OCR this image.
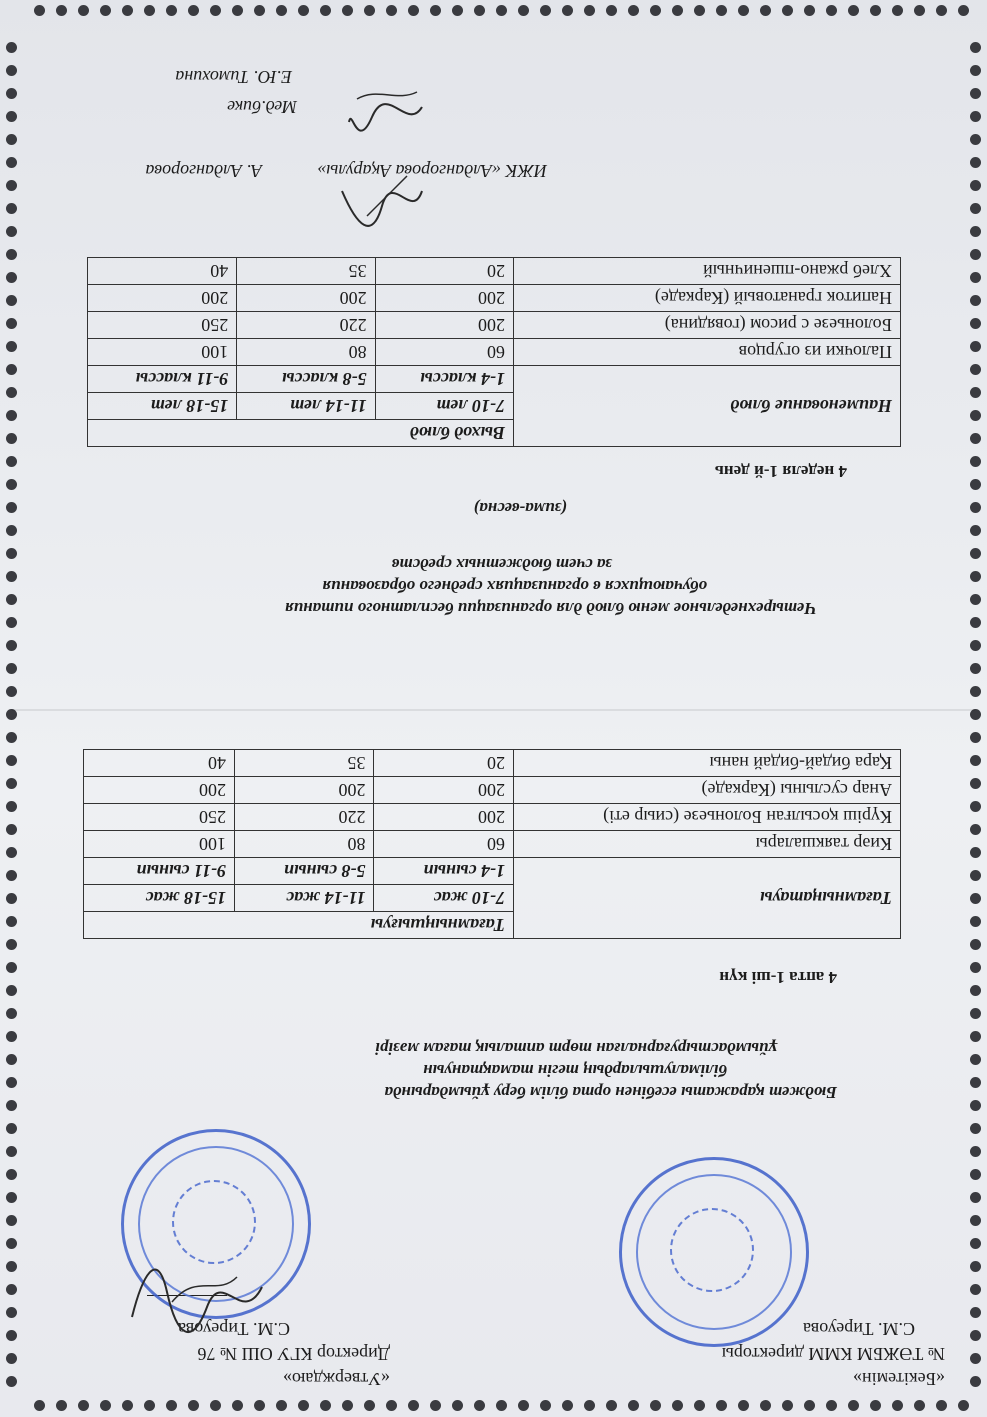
«Бекітемін»
№ ТӘЖБМ КММ директоры
С.М. Тиреуова
«Утверждаю»
Директор КГУ ОШ № 76
С.М. Тиреуова
Бюджет қаражаты есебінен орта білім беру ұйымдарында
білімалушылардың тегін тамақтануын
ұйымдастыруғарналған төрт апталық тағам мәзірі
4 апта 1-ші күн
Тағамныңатауы	Тағамныңшығуы		
	7-10 жас	11-14 жас	15-18 жас
	1-4 сынып	5-8 сынып	9-11 сынып
Киәр таякшалары	60	80	100
Күріш қосылған Болоньезе (сиыр еті)	200	220	250
Анар суслыны (Каркаде)	200	200	200
Қара бидай-бидай наны	20	35	40
Четырехнедельное меню блюд для организации бесплатного питания
обучающихся в организациях среднего образования
за счет бюджетных средств
(зима-весна)
4 неделя 1-й день
Наименование блюд	Выход блюд		
	7-10 лет	11-14 лет	15-18 лет
	1-4 классы	5-8 классы	9-11 классы
Палочки из огурцов	60	80	100
Болоньезе с рисом (говядина)	200	220	250
Напиток гранатовый (Каркаде)	200	200	200
Хлеб ржано-пшеничный	20	35	40
ИЖК «Алдангорова Ақарулы»
А. Алдангорова
Мед.бике
Е.Ю. Тимохина
